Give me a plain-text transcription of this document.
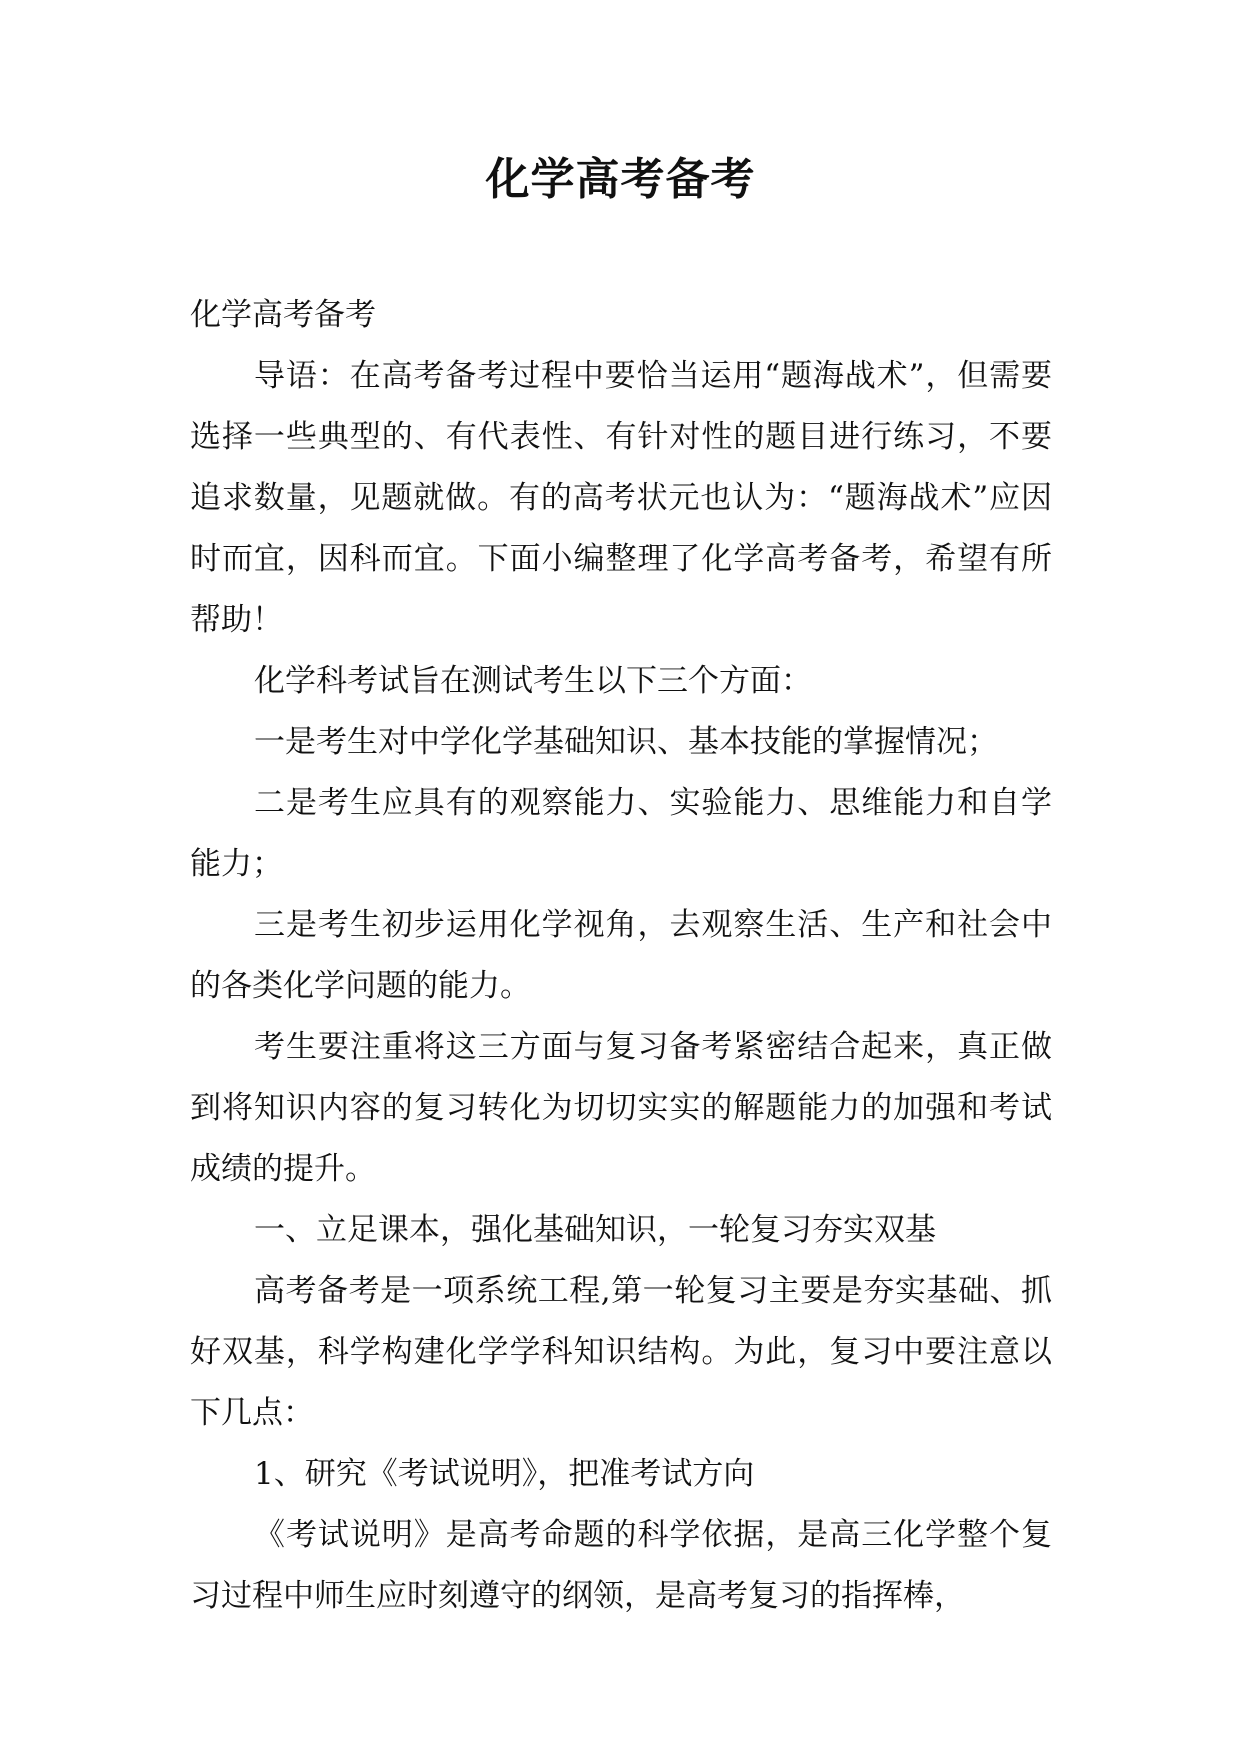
化学高考备考

化学高考备考

导语：在高考备考过程中要恰当运用“题海战术”，但需要选择一些典型的、有代表性、有针对性的题目进行练习，不要追求数量，见题就做。有的高考状元也认为：“题海战术”应因时而宜，因科而宜。下面小编整理了化学高考备考，希望有所帮助！

化学科考试旨在测试考生以下三个方面：

一是考生对中学化学基础知识、基本技能的掌握情况；

二是考生应具有的观察能力、实验能力、思维能力和自学能力；

三是考生初步运用化学视角，去观察生活、生产和社会中的各类化学问题的能力。

考生要注重将这三方面与复习备考紧密结合起来，真正做到将知识内容的复习转化为切切实实的解题能力的加强和考试成绩的提升。

一、立足课本，强化基础知识，一轮复习夯实双基

高考备考是一项系统工程,第一轮复习主要是夯实基础、抓好双基，科学构建化学学科知识结构。为此，复习中要注意以下几点：

1、研究《考试说明》，把准考试方向

《考试说明》是高考命题的科学依据，是高三化学整个复习过程中师生应时刻遵守的纲领，是高考复习的指挥棒，
